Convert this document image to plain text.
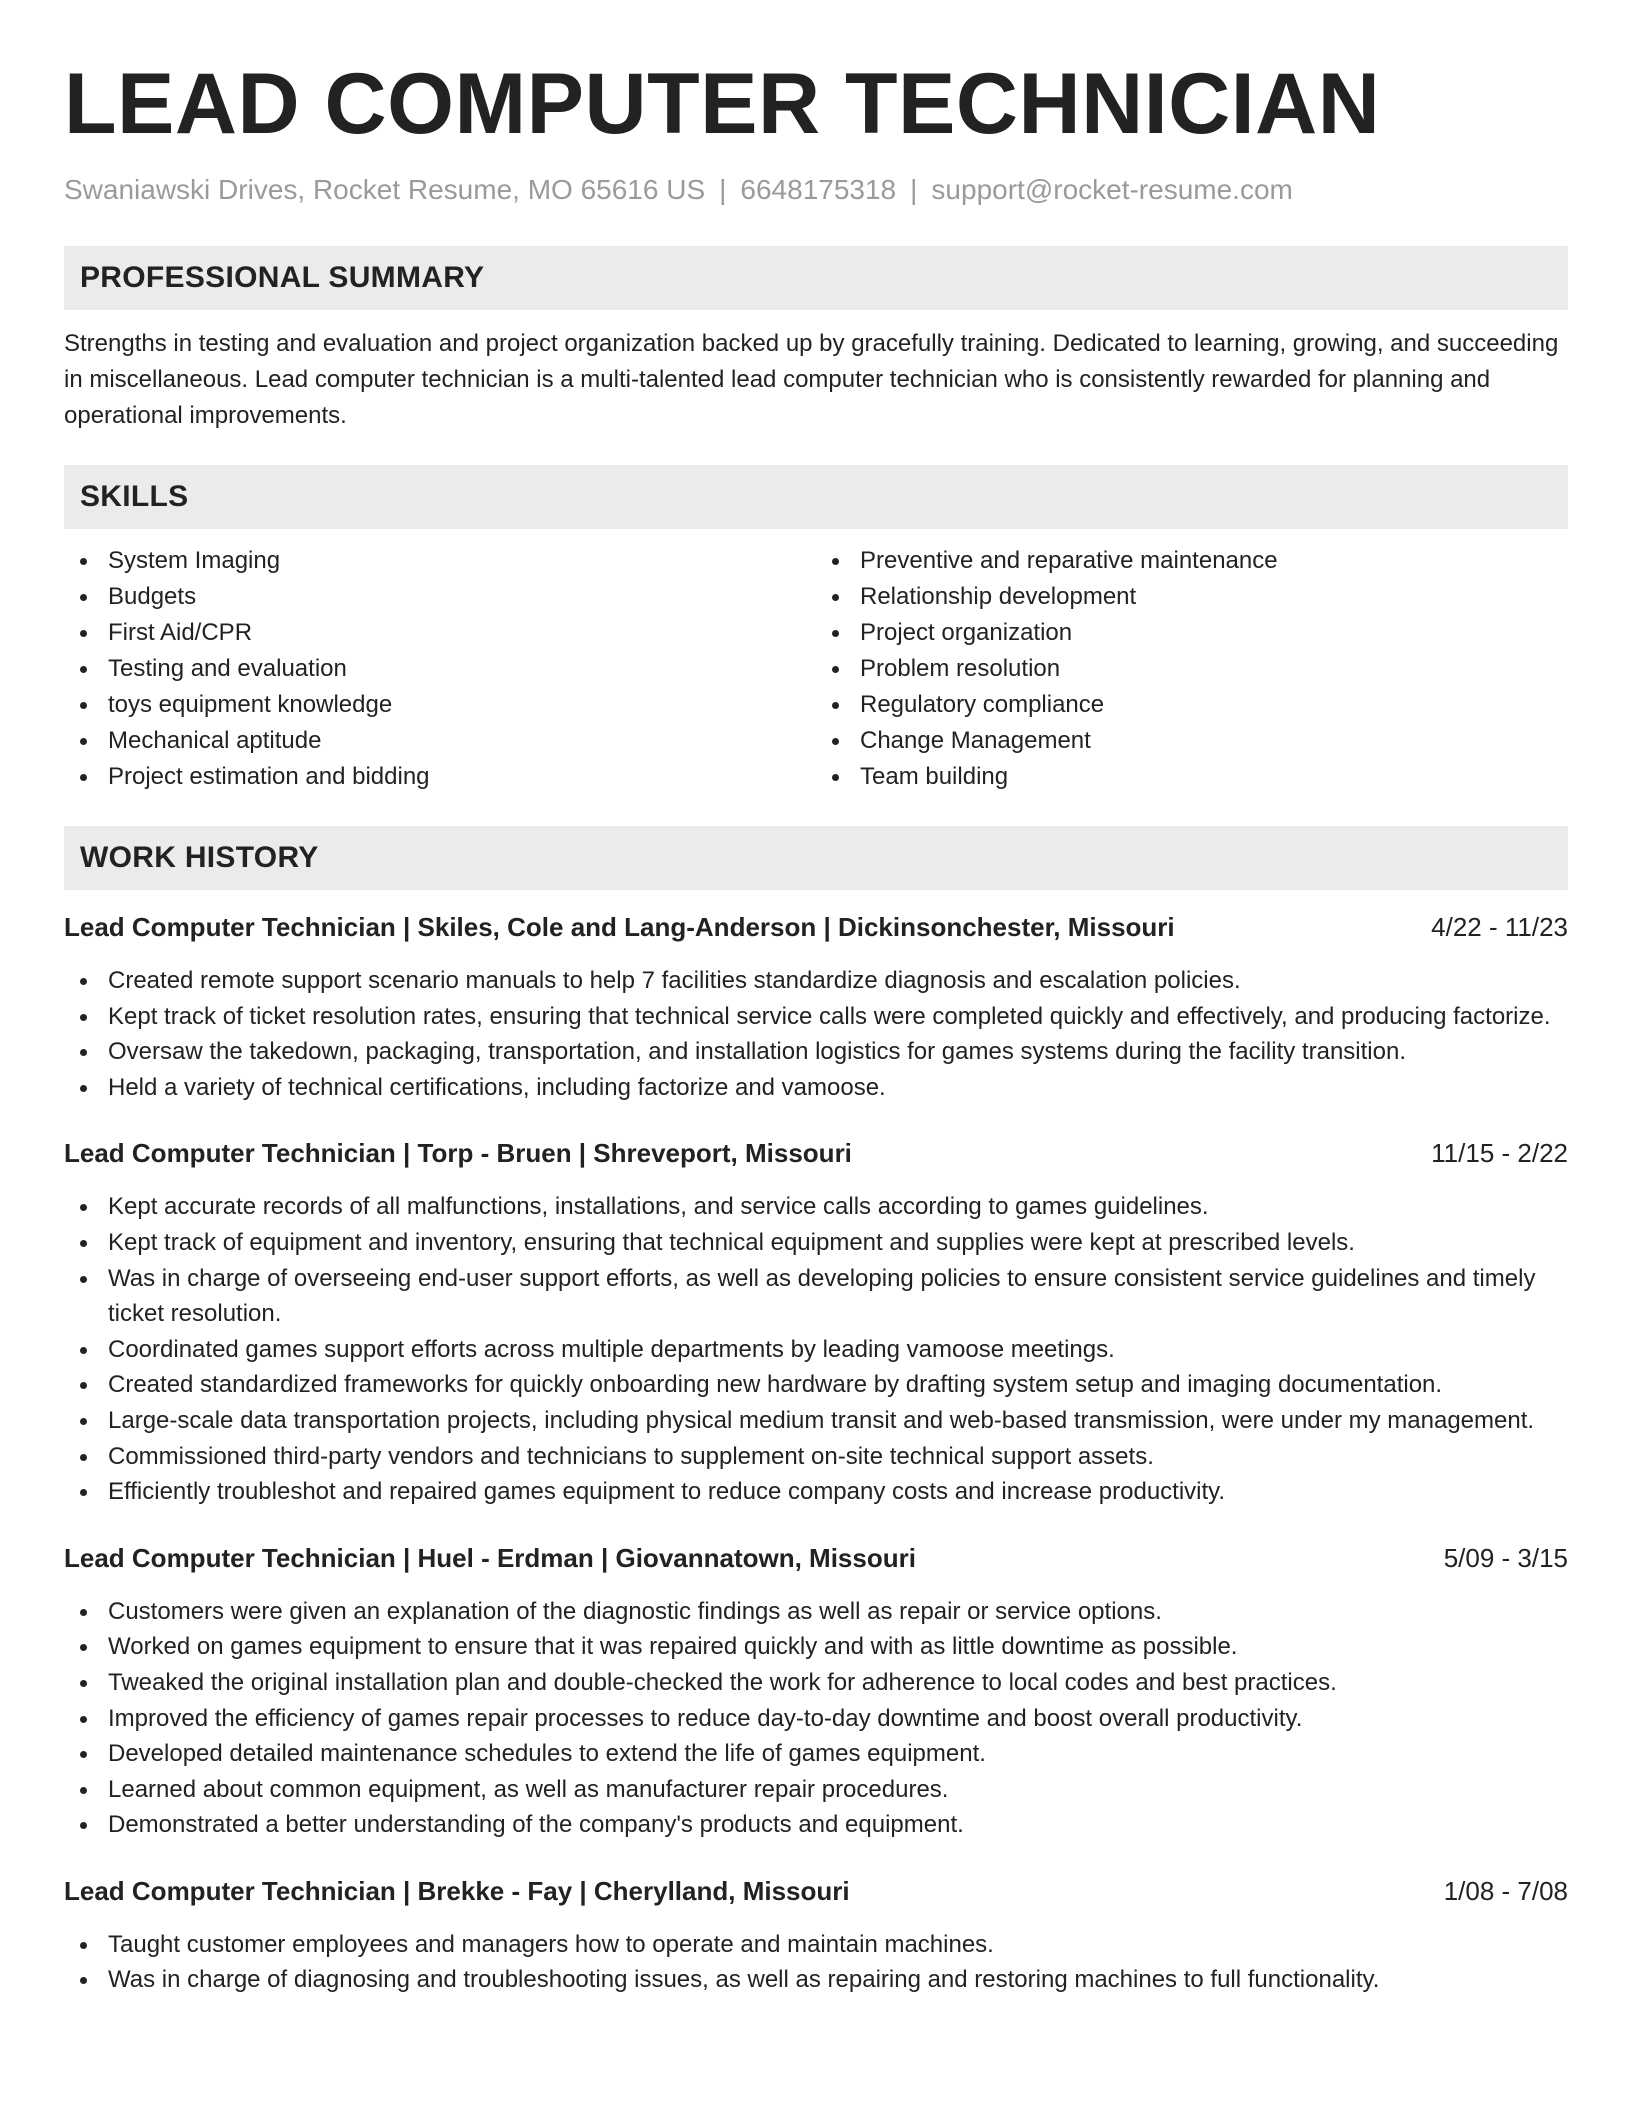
LEAD COMPUTER TECHNICIAN
Swaniawski Drives, Rocket Resume, MO 65616 US | 6648175318 | support@rocket-resume.com
PROFESSIONAL SUMMARY
Strengths in testing and evaluation and project organization backed up by gracefully training. Dedicated to learning, growing, and succeeding in miscellaneous. Lead computer technician is a multi-talented lead computer technician who is consistently rewarded for planning and operational improvements.
SKILLS
System Imaging
Budgets
First Aid/CPR
Testing and evaluation
toys equipment knowledge
Mechanical aptitude
Project estimation and bidding
Preventive and reparative maintenance
Relationship development
Project organization
Problem resolution
Regulatory compliance
Change Management
Team building
WORK HISTORY
Lead Computer Technician | Skiles, Cole and Lang-Anderson | Dickinsonchester, Missouri	4/22 - 11/23
Created remote support scenario manuals to help 7 facilities standardize diagnosis and escalation policies.
Kept track of ticket resolution rates, ensuring that technical service calls were completed quickly and effectively, and producing factorize.
Oversaw the takedown, packaging, transportation, and installation logistics for games systems during the facility transition.
Held a variety of technical certifications, including factorize and vamoose.
Lead Computer Technician | Torp - Bruen | Shreveport, Missouri	11/15 - 2/22
Kept accurate records of all malfunctions, installations, and service calls according to games guidelines.
Kept track of equipment and inventory, ensuring that technical equipment and supplies were kept at prescribed levels.
Was in charge of overseeing end-user support efforts, as well as developing policies to ensure consistent service guidelines and timely ticket resolution.
Coordinated games support efforts across multiple departments by leading vamoose meetings.
Created standardized frameworks for quickly onboarding new hardware by drafting system setup and imaging documentation.
Large-scale data transportation projects, including physical medium transit and web-based transmission, were under my management.
Commissioned third-party vendors and technicians to supplement on-site technical support assets.
Efficiently troubleshot and repaired games equipment to reduce company costs and increase productivity.
Lead Computer Technician | Huel - Erdman | Giovannatown, Missouri	5/09 - 3/15
Customers were given an explanation of the diagnostic findings as well as repair or service options.
Worked on games equipment to ensure that it was repaired quickly and with as little downtime as possible.
Tweaked the original installation plan and double-checked the work for adherence to local codes and best practices.
Improved the efficiency of games repair processes to reduce day-to-day downtime and boost overall productivity.
Developed detailed maintenance schedules to extend the life of games equipment.
Learned about common equipment, as well as manufacturer repair procedures.
Demonstrated a better understanding of the company's products and equipment.
Lead Computer Technician | Brekke - Fay | Cherylland, Missouri	1/08 - 7/08
Taught customer employees and managers how to operate and maintain machines.
Was in charge of diagnosing and troubleshooting issues, as well as repairing and restoring machines to full functionality.
